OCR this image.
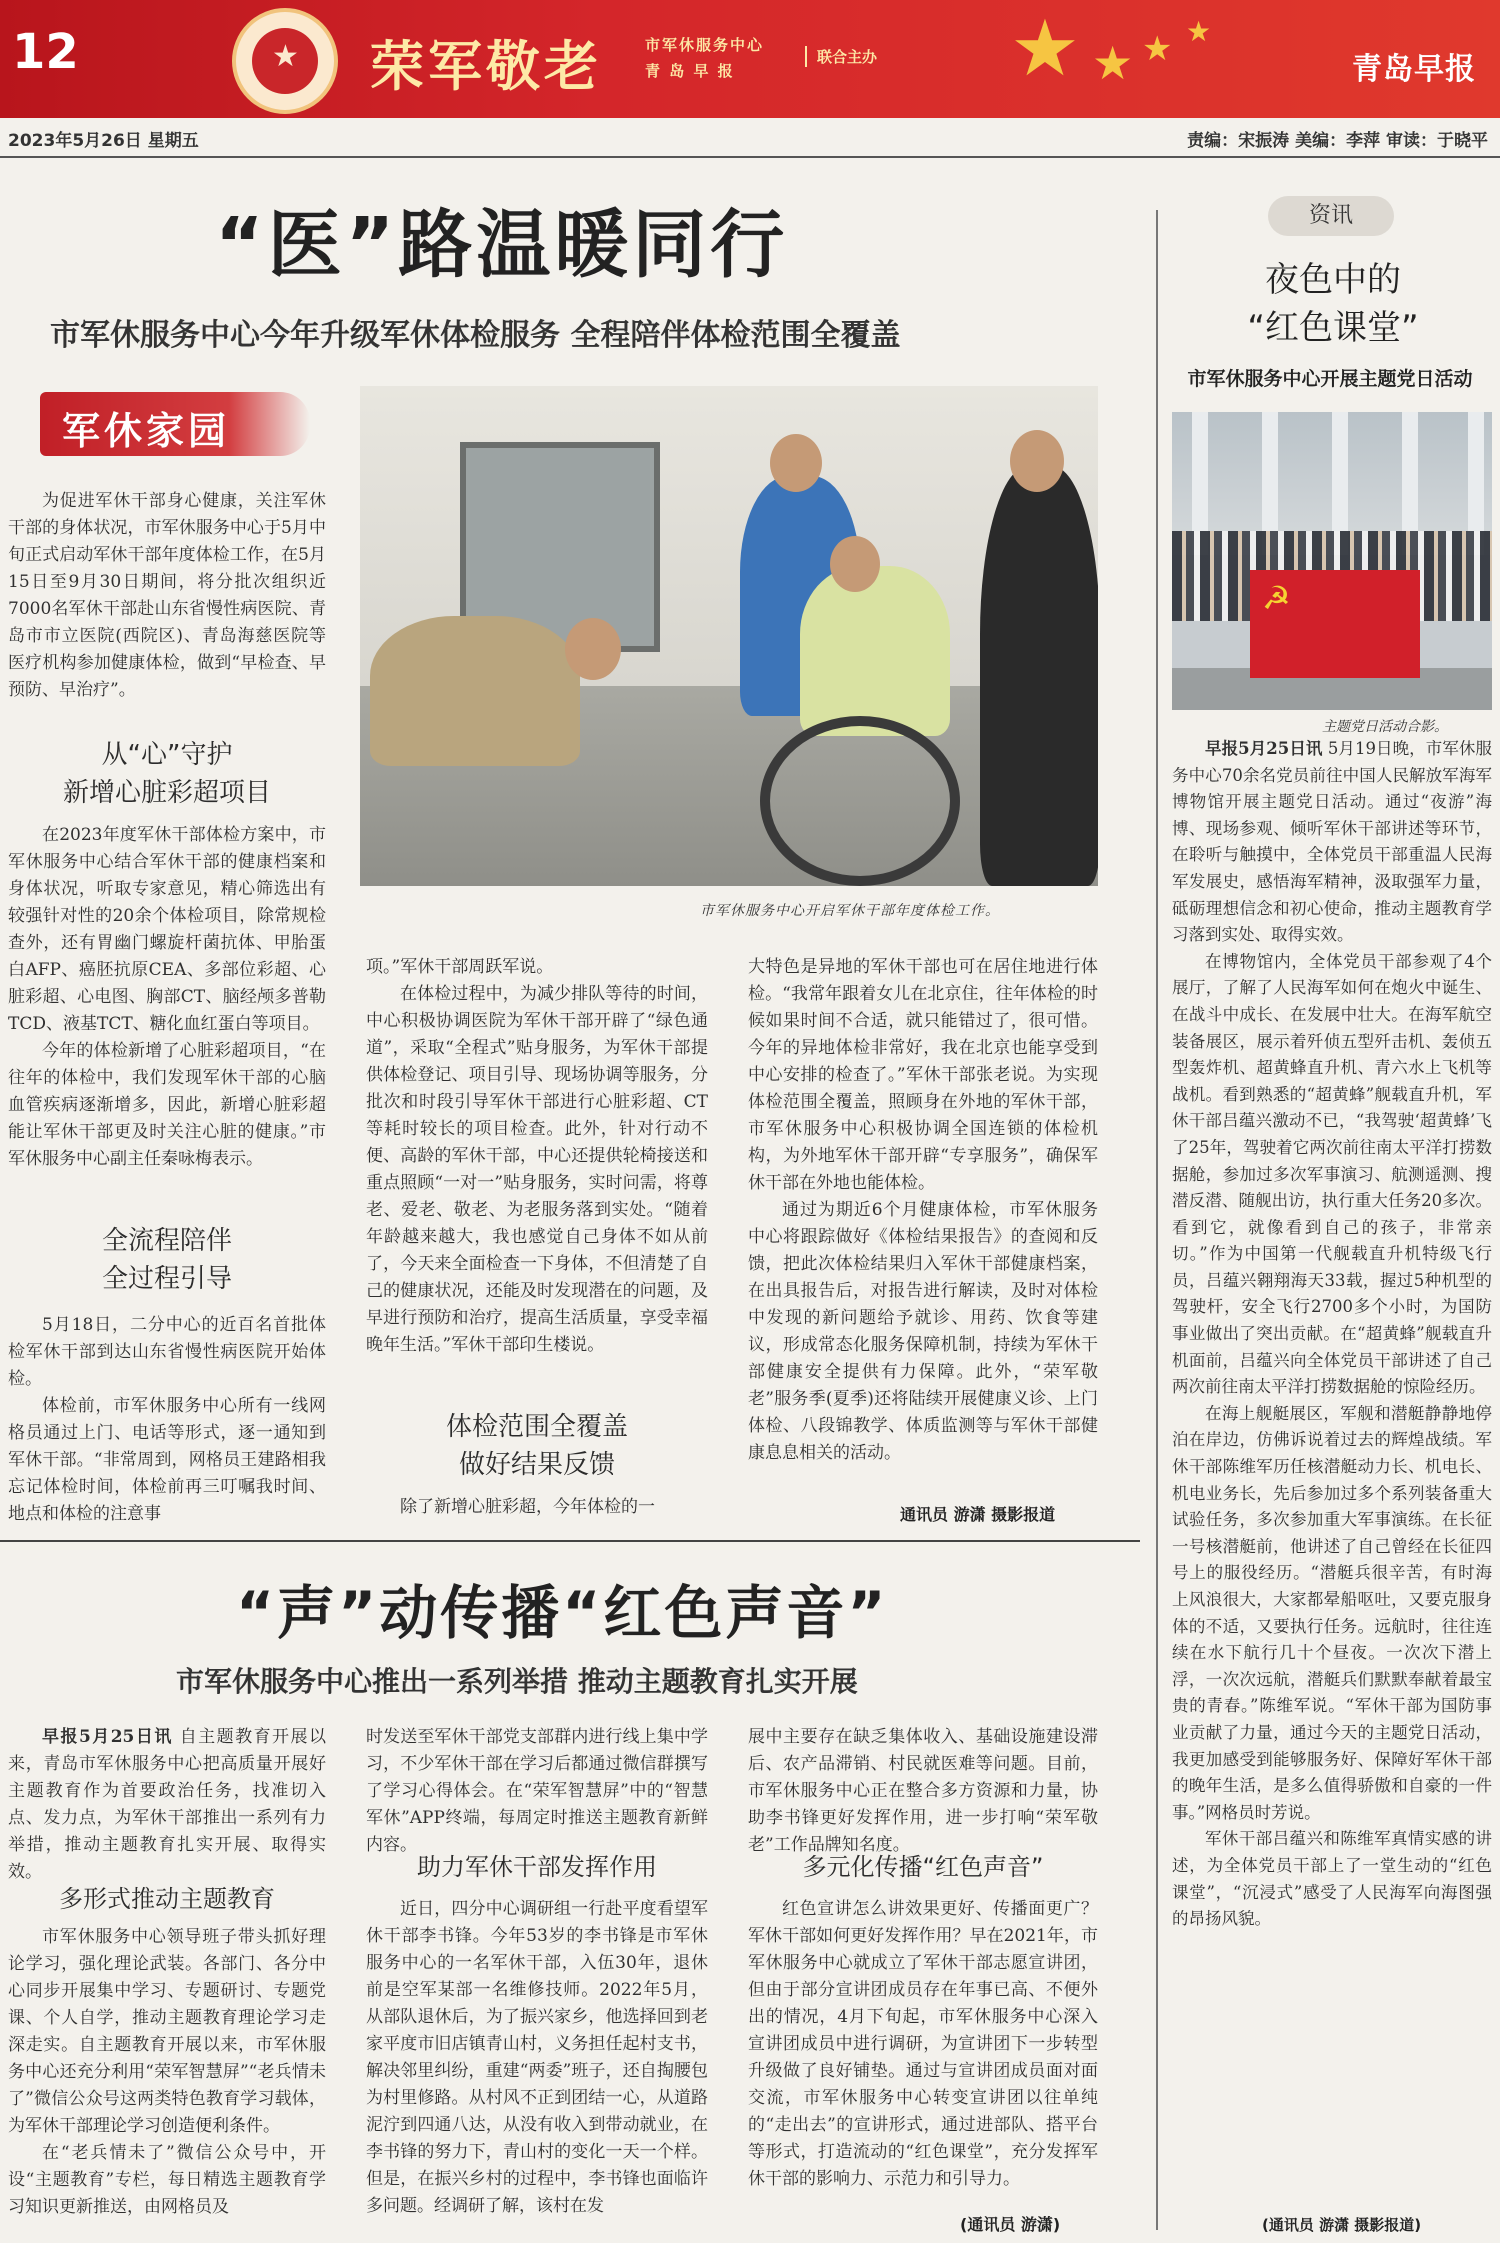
12	★ 荣军敬老	市军休服务中心
青 岛 早 报
联合主办 ★ ★ ★ ★
青岛早报
2023年5月26日 星期五	责编：宋振涛 美编：李萍 审读：于晓平
“医”路温暖同行
市军休服务中心今年升级军休体检服务 全程陪伴体检范围全覆盖
军休家园
市军休服务中心开启军休干部年度体检工作。

为促进军休干部身心健康，关注军休干部的身体状况，市军休服务中心于5月中旬正式启动军休干部年度体检工作，在5月15日至9月30日期间，将分批次组织近7000名军休干部赴山东省慢性病医院、青岛市市立医院(西院区)、青岛海慈医院等医疗机构参加健康体检，做到“早检查、早预防、早治疗”。

从“心”守护
新增心脏彩超项目

在2023年度军休干部体检方案中，市军休服务中心结合军休干部的健康档案和身体状况，听取专家意见，精心筛选出有较强针对性的20余个体检项目，除常规检查外，还有胃幽门螺旋杆菌抗体、甲胎蛋白AFP、癌胚抗原CEA、多部位彩超、心脏彩超、心电图、胸部CT、脑经颅多普勒TCD、液基TCT、糖化血红蛋白等项目。

今年的体检新增了心脏彩超项目，“在往年的体检中，我们发现军休干部的心脑血管疾病逐渐增多，因此，新增心脏彩超能让军休干部更及时关注心脏的健康。”市军休服务中心副主任秦咏梅表示。

全流程陪伴
全过程引导

5月18日，二分中心的近百名首批体检军休干部到达山东省慢性病医院开始体检。

体检前，市军休服务中心所有一线网格员通过上门、电话等形式，逐一通知到军休干部。“非常周到，网格员王建路相我忘记体检时间，体检前再三叮嘱我时间、地点和体检的注意事

项。”军休干部周跃军说。

在体检过程中，为减少排队等待的时间，中心积极协调医院为军休干部开辟了“绿色通道”，采取“全程式”贴身服务，为军休干部提供体检登记、项目引导、现场协调等服务，分批次和时段引导军休干部进行心脏彩超、CT等耗时较长的项目检查。此外，针对行动不便、高龄的军休干部，中心还提供轮椅接送和重点照顾“一对一”贴身服务，实时问需，将尊老、爱老、敬老、为老服务落到实处。“随着年龄越来越大，我也感觉自己身体不如从前了，今天来全面检查一下身体，不但清楚了自己的健康状况，还能及时发现潜在的问题，及早进行预防和治疗，提高生活质量，享受幸福晚年生活。”军休干部印生楼说。

体检范围全覆盖
做好结果反馈

除了新增心脏彩超，今年体检的一

大特色是异地的军休干部也可在居住地进行体检。“我常年跟着女儿在北京住，往年体检的时候如果时间不合适，就只能错过了，很可惜。今年的异地体检非常好，我在北京也能享受到中心安排的检查了。”军休干部张老说。为实现体检范围全覆盖，照顾身在外地的军休干部，市军休服务中心积极协调全国连锁的体检机构，为外地军休干部开辟“专享服务”，确保军休干部在外地也能体检。

通过为期近6个月健康体检，市军休服务中心将跟踪做好《体检结果报告》的查阅和反馈，把此次体检结果归入军休干部健康档案，在出具报告后，对报告进行解读，及时对体检中发现的新问题给予就诊、用药、饮食等建议，形成常态化服务保障机制，持续为军休干部健康安全提供有力保障。此外，“荣军敬老”服务季(夏季)还将陆续开展健康义诊、上门体检、八段锦教学、体质监测等与军休干部健康息息相关的活动。

通讯员 游潇 摄影报道
“声”动传播“红色声音”
市军休服务中心推出一系列举措 推动主题教育扎实开展

早报5月25日讯 自主题教育开展以来，青岛市军休服务中心把高质量开展好主题教育作为首要政治任务，找准切入点、发力点，为军休干部推出一系列有力举措，推动主题教育扎实开展、取得实效。

多形式推动主题教育

市军休服务中心领导班子带头抓好理论学习，强化理论武装。各部门、各分中心同步开展集中学习、专题研讨、专题党课、个人自学，推动主题教育理论学习走深走实。自主题教育开展以来，市军休服务中心还充分利用“荣军智慧屏”“老兵情未了”微信公众号这两类特色教育学习载体，为军休干部理论学习创造便利条件。

在“老兵情未了”微信公众号中，开设“主题教育”专栏，每日精选主题教育学习知识更新推送，由网格员及

时发送至军休干部党支部群内进行线上集中学习，不少军休干部在学习后都通过微信群撰写了学习心得体会。在“荣军智慧屏”中的“智慧军休”APP终端，每周定时推送主题教育新鲜内容。

助力军休干部发挥作用

近日，四分中心调研组一行赴平度看望军休干部李书锋。今年53岁的李书锋是市军休服务中心的一名军休干部，入伍30年，退休前是空军某部一名维修技师。2022年5月，从部队退休后，为了振兴家乡，他选择回到老家平度市旧店镇青山村，义务担任起村支书，解决邻里纠纷，重建“两委”班子，还自掏腰包为村里修路。从村风不正到团结一心，从道路泥泞到四通八达，从没有收入到带动就业，在李书锋的努力下，青山村的变化一天一个样。但是，在振兴乡村的过程中，李书锋也面临许多问题。经调研了解，该村在发

展中主要存在缺乏集体收入、基础设施建设滞后、农产品滞销、村民就医难等问题。目前，市军休服务中心正在整合多方资源和力量，协助李书锋更好发挥作用，进一步打响“荣军敬老”工作品牌知名度。

多元化传播“红色声音”

红色宣讲怎么讲效果更好、传播面更广？军休干部如何更好发挥作用？早在2021年，市军休服务中心就成立了军休干部志愿宣讲团，但由于部分宣讲团成员存在年事已高、不便外出的情况，4月下旬起，市军休服务中心深入宣讲团成员中进行调研，为宣讲团下一步转型升级做了良好铺垫。通过与宣讲团成员面对面交流，市军休服务中心转变宣讲团以往单纯的“走出去”的宣讲形式，通过进部队、搭平台等形式，打造流动的“红色课堂”，充分发挥军休干部的影响力、示范力和引导力。

(通讯员 游潇)
资讯
夜色中的
“红色课堂”
市军休服务中心开展主题党日活动
☭
主题党日活动合影。

早报5月25日讯 5月19日晚，市军休服务中心70余名党员前往中国人民解放军海军博物馆开展主题党日活动。通过“夜游”海博、现场参观、倾听军休干部讲述等环节，在聆听与触摸中，全体党员干部重温人民海军发展史，感悟海军精神，汲取强军力量，砥砺理想信念和初心使命，推动主题教育学习落到实处、取得实效。

在博物馆内，全体党员干部参观了4个展厅，了解了人民海军如何在炮火中诞生、在战斗中成长、在发展中壮大。在海军航空装备展区，展示着歼侦五型歼击机、轰侦五型轰炸机、超黄蜂直升机、青六水上飞机等战机。看到熟悉的“超黄蜂”舰载直升机，军休干部吕蕴兴激动不已，“我驾驶‘超黄蜂’飞了25年，驾驶着它两次前往南太平洋打捞数据舱，参加过多次军事演习、航测遥测、搜潜反潜、随舰出访，执行重大任务20多次。看到它，就像看到自己的孩子，非常亲切。”作为中国第一代舰载直升机特级飞行员，吕蕴兴翱翔海天33载，握过5种机型的驾驶杆，安全飞行2700多个小时，为国防事业做出了突出贡献。在“超黄蜂”舰载直升机面前，吕蕴兴向全体党员干部讲述了自己两次前往南太平洋打捞数据舱的惊险经历。

在海上舰艇展区，军舰和潜艇静静地停泊在岸边，仿佛诉说着过去的辉煌战绩。军休干部陈维军历任核潜艇动力长、机电长、机电业务长，先后参加过多个系列装备重大试验任务，多次参加重大军事演练。在长征一号核潜艇前，他讲述了自己曾经在长征四号上的服役经历。“潜艇兵很辛苦，有时海上风浪很大，大家都晕船呕吐，又要克服身体的不适，又要执行任务。远航时，往往连续在水下航行几十个昼夜。一次次下潜上浮，一次次远航，潜艇兵们默默奉献着最宝贵的青春。”陈维军说。“军休干部为国防事业贡献了力量，通过今天的主题党日活动，我更加感受到能够服务好、保障好军休干部的晚年生活，是多么值得骄傲和自豪的一件事。”网格员时芳说。

军休干部吕蕴兴和陈维军真情实感的讲述，为全体党员干部上了一堂生动的“红色课堂”，“沉浸式”感受了人民海军向海图强的昂扬风貌。

(通讯员 游潇 摄影报道)
